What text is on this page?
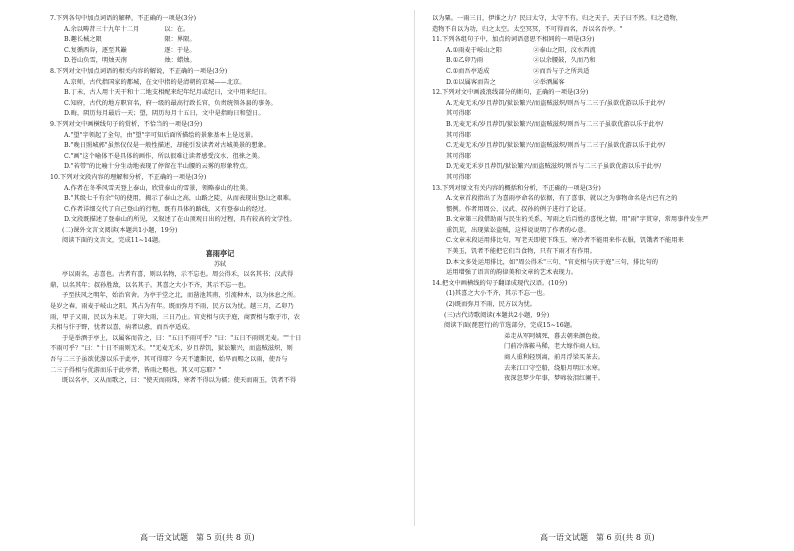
7.下列各句中加点词语的解释，不正确的一项是(3分)
A.余以畴昔三十九年十二月　　　　以：在。
B.趣长械之限　　　　　　　　　　限：界限。
C.复循西谷，逐至其巅　　　　　　逐：于是。
D.苍山负雪，明烛天南　　　　　　烛：蜡烛。
8.下列对文中加点词语的相关内容的解说，不正确的一项是(3分)
A.京师，古代指国家的都城，在文中指的是清朝的京城——北京。
B.丁未，古人用十天干和十二地支相配来纪年纪月或纪日，文中用来纪日。
C.知府，古代的地方职官名，府一级的最高行政长官，负责统领各县的事务。
D.晦，阴历每月最后一天；望，阴历每月十五日，文中是指晦日和望日。
9.下列对文中画横线句子的赏析，不恰当的一项是(3分)
A."望"字领起了全句，由"望"字可知后面所描绘的景象基本上是远景。
B."晚日照城郭"虽然仅仅是一般性描述，却能引发读者对古城美景的想象。
C."画"这个喻体不是具体的画作，所以很难让读者感受汶水、徂徕之美。
D."若带"的比喻十分生动地表现了停留在半山腰的云雾的形象特点。
10.下列对文段内容的理解和分析，不正确的一项是(3分)
A.作者在冬季风雪天登上泰山，欣赏泰山的雪景，领略泰山的壮美。
B."其级七千有余"句的使用，揭示了泰山之高，山路之陡，从而表现出登山之艰难。
C.作者详细交代了自己登山的行程，既有具体的路线，又有登泰山的经过。
D.文段既描述了登泰山的所见，又叙述了在山顶观日出的过程，具有较高的文学性。
(二)课外文言文阅读(本题共1小题，19分)
阅读下面的文言文，完成11~14题。
喜雨亭记
苏轼
亭以雨名，志喜也。古者有喜，则以名物，示不忘也。周公得禾，以名其书；汉武得
鼎，以名其年；叔孙胜敌，以名其子。其喜之大小不齐，其示不忘一也。
予至扶风之明年，始治官舍。为亭于堂之北，而凿池其南，引流种木，以为休息之所。
是岁之春，雨麦于岐山之阳，其占为有年。既而弥月不雨，民方以为忧。越三月，乙卯乃
雨，甲子又雨，民以为未足。丁卯大雨，三日乃止。官吏相与庆于庭，商贾相与歌于市，农
夫相与忭于野，忧者以喜，病者以愈，而吾亭适成。
于是举酒于亭上，以属客而告之，曰："五日不雨可乎？"曰："五日不雨则无麦。""十日
不雨可乎？"曰："十日不雨则无禾。""无麦无禾，岁且荐饥，狱讼繁兴，而盗贼滋炽，则
吾与二三子虽欲优游以乐于此亭，其可得耶？今天不遗斯民，始旱而赐之以雨，使吾与
二三子得相与优游而乐于此亭者，皆雨之赐也。其又可忘耶？"
既以名亭，又从而歌之，曰："使天而雨珠，寒者不得以为襦；使天而雨玉，饥者不得
以为粟。一雨三日，伊谁之力？民曰太守，太守不有。归之天子，天子曰不然。归之造物，
造物不自以为功，归之太空。太空冥冥，不可得而名，吾以名吾亭。"
11.下列各组句子中，加点的词语意思不相同的一项是(3分)
A.①雨麦于岐山之阳　　　　　②泰山之阳，汶水西流
B.①乙卯乃雨　　　　　　　　②以余腰鼓，久而乃和
C.①而吾亭适成　　　　　　　②而吾与子之所共适
D.①以属客而告之　　　　　　②举酒属客
12.下列对文中画波浪线部分的断句，正确的一项是(3分)
A.无麦无禾/岁且荐饥/狱讼繁兴/而盗贼滋炽/则吾与二三子/虽欲优游以乐于此亭/
其可得耶
B.无麦无禾/岁且荐饥/狱讼繁兴/而盗贼滋炽/则吾与二三子虽欲优游以乐于此亭/
其可得耶
C.无麦无禾/岁且荐饥/狱讼繁兴/而盗贼滋炽/则吾与二三子/虽欲优游以乐于此亭/
其可得耶
D.无麦无禾岁且荐饥/狱讼繁兴/而盗贼滋炽/则吾与二三子虽欲优游以乐于此亭/
其可得耶
13.下列对原文有关内容的概括和分析，不正确的一项是(3分)
A.文章首段指出了为喜雨亭命名的依据，有了喜事，就以之为事物命名是古已有之的
惯例。作者用周公、汉武、叔孙的例子进行了论证。
B.文章第三段借助雨与民生的关系，写雨之后百姓的喜悦之情，用"雨"字贯穿，常用事件发生严
重饥荒，出现狱讼盗贼，这样说说明了作者的心意。
C.文章末段运用排比句，写老天即使下珠玉，寒冷者不能用来作衣服，饥饿者不能用来
下美玉，饥者不能把它们当食物，只有下雨才有作用。
D.本文多处运用排比，如"周公得禾"三句、"官吏相与庆于庭"三句，排比句的
运用增强了语言的韵律美和文章的艺术表现力。
14.把文中画横线的句子翻译成现代汉语。(10分)
(1)其喜之大小不齐，其示不忘一也。
(2)既而弥月不雨，民方以为忧。
(三)古代诗歌阅读(本题共2小题，9分)
阅读下面(琵琶行)的节选部分，完成15~16题。
弟走从军阿姨死，暮去朝来颜色故。
门前冷落鞍马稀，老大嫁作商人妇。
商人重利轻别离，前月浮梁买茶去。
去来江口守空船，绕船月明江水寒。
夜深忽梦少年事，梦啼妆泪红阑干。
高一语文试题　第 5 页(共 8 页)	高一语文试题　第 6 页(共 8 页)
